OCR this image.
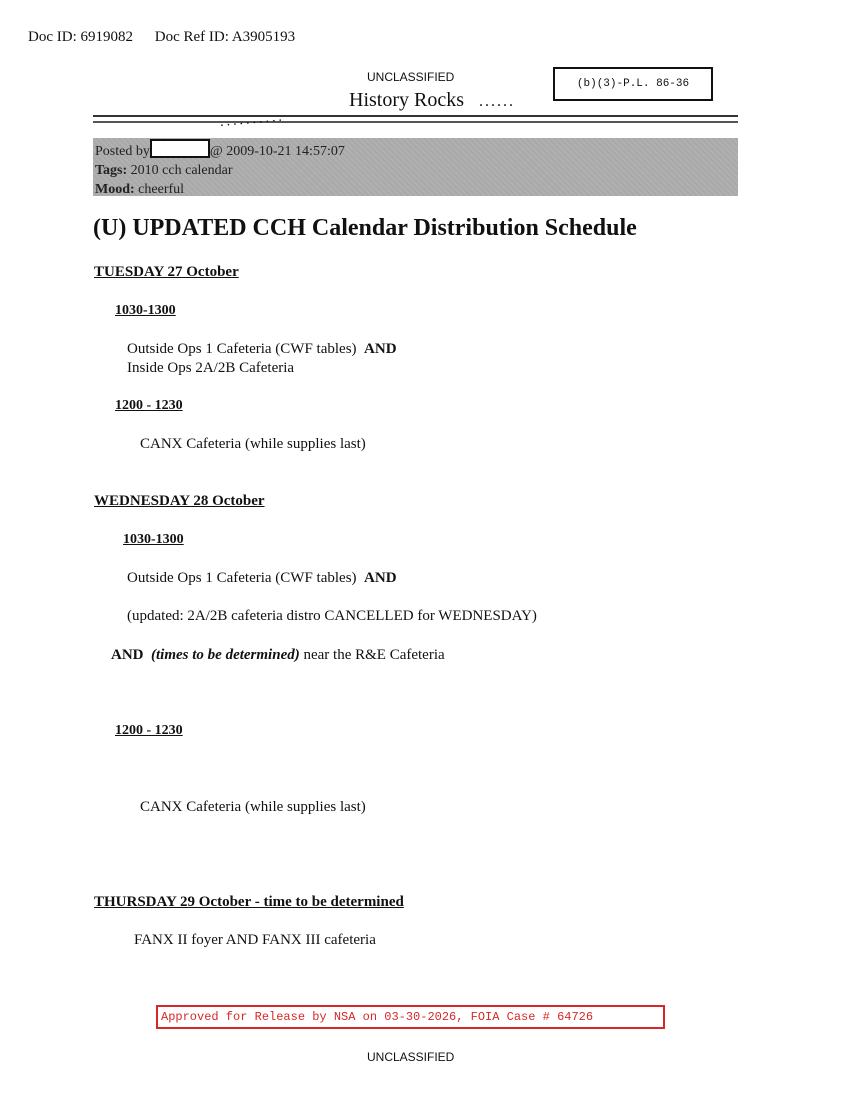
Doc ID: 6919082 Doc Ref ID: A3905193
UNCLASSIFIED
History Rocks ......
(b)(3)-P.L. 86-36
..........
Posted by	@ 2009-10-21 14:57:07
Tags: 2010 cch calendar
Mood: cheerful
(U) UPDATED CCH Calendar Distribution Schedule
TUESDAY 27 October
1030-1300
Outside Ops 1 Cafeteria (CWF tables) AND
Inside Ops 2A/2B Cafeteria
1200 - 1230
CANX Cafeteria (while supplies last)
WEDNESDAY 28 October
1030-1300
Outside Ops 1 Cafeteria (CWF tables) AND
(updated: 2A/2B cafeteria distro CANCELLED for WEDNESDAY)
AND (times to be determined) near the R&E Cafeteria
1200 - 1230
CANX Cafeteria (while supplies last)
THURSDAY 29 October - time to be determined
FANX II foyer AND FANX III cafeteria
Approved for Release by NSA on 03-30-2026, FOIA Case # 64726
UNCLASSIFIED
